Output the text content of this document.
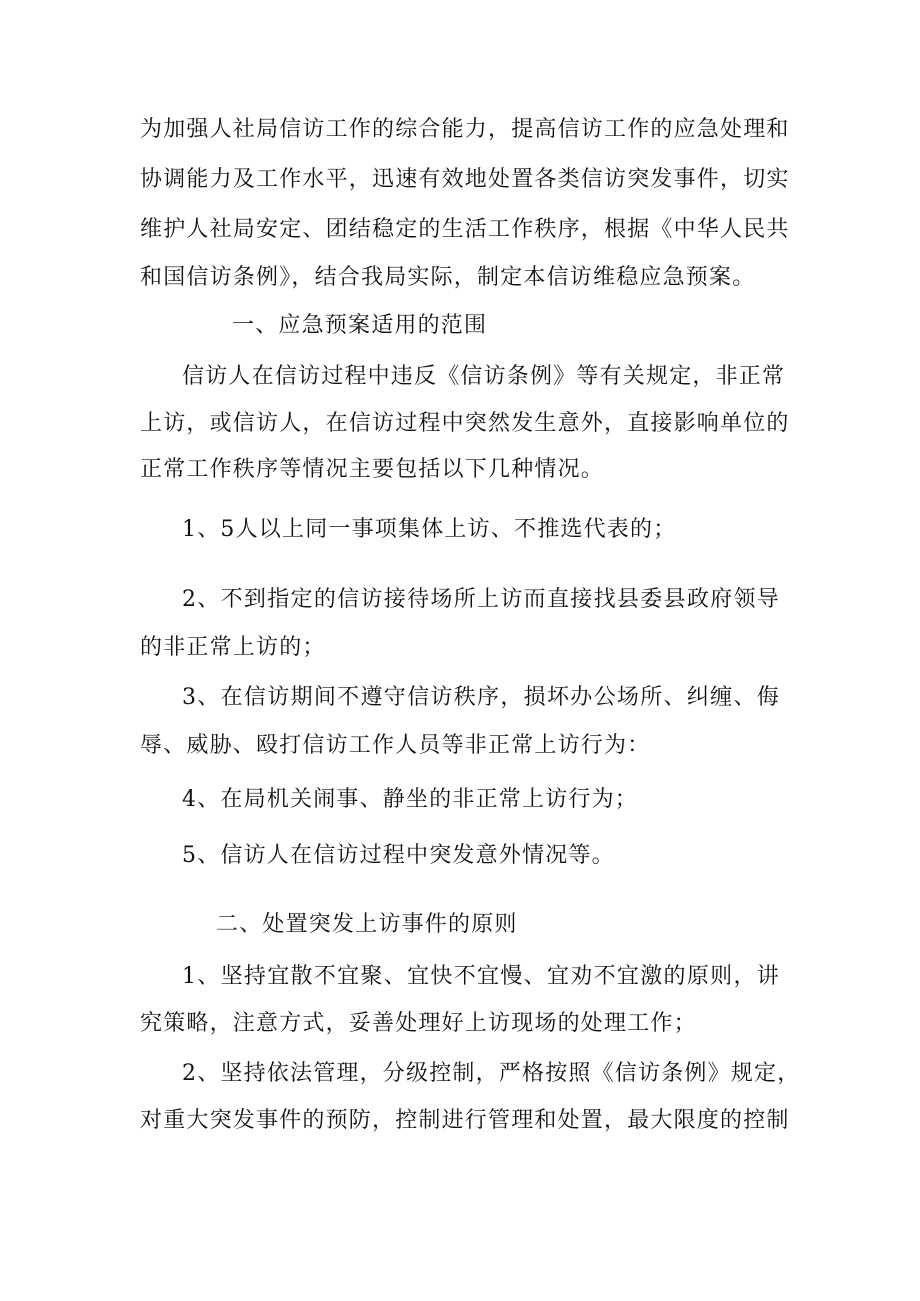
为加强人社局信访工作的综合能力，提高信访工作的应急处理和
协调能力及工作水平，迅速有效地处置各类信访突发事件，切实
维护人社局安定、团结稳定的生活工作秩序，根据《中华人民共
和国信访条例》，结合我局实际，制定本信访维稳应急预案。
一、应急预案适用的范围
信访人在信访过程中违反《信访条例》等有关规定，非正常
上访，或信访人，在信访过程中突然发生意外，直接影响单位的
正常工作秩序等情况主要包括以下几种情况。
1、5人以上同一事项集体上访、不推选代表的；
2、不到指定的信访接待场所上访而直接找县委县政府领导
的非正常上访的；
3、在信访期间不遵守信访秩序，损坏办公场所、纠缠、侮
辱、威胁、殴打信访工作人员等非正常上访行为：
4、在局机关闹事、静坐的非正常上访行为；
5、信访人在信访过程中突发意外情况等。
二、处置突发上访事件的原则
1、坚持宜散不宜聚、宜快不宜慢、宜劝不宜激的原则，讲
究策略，注意方式，妥善处理好上访现场的处理工作；
2、坚持依法管理，分级控制，严格按照《信访条例》规定，
对重大突发事件的预防，控制进行管理和处置，最大限度的控制
